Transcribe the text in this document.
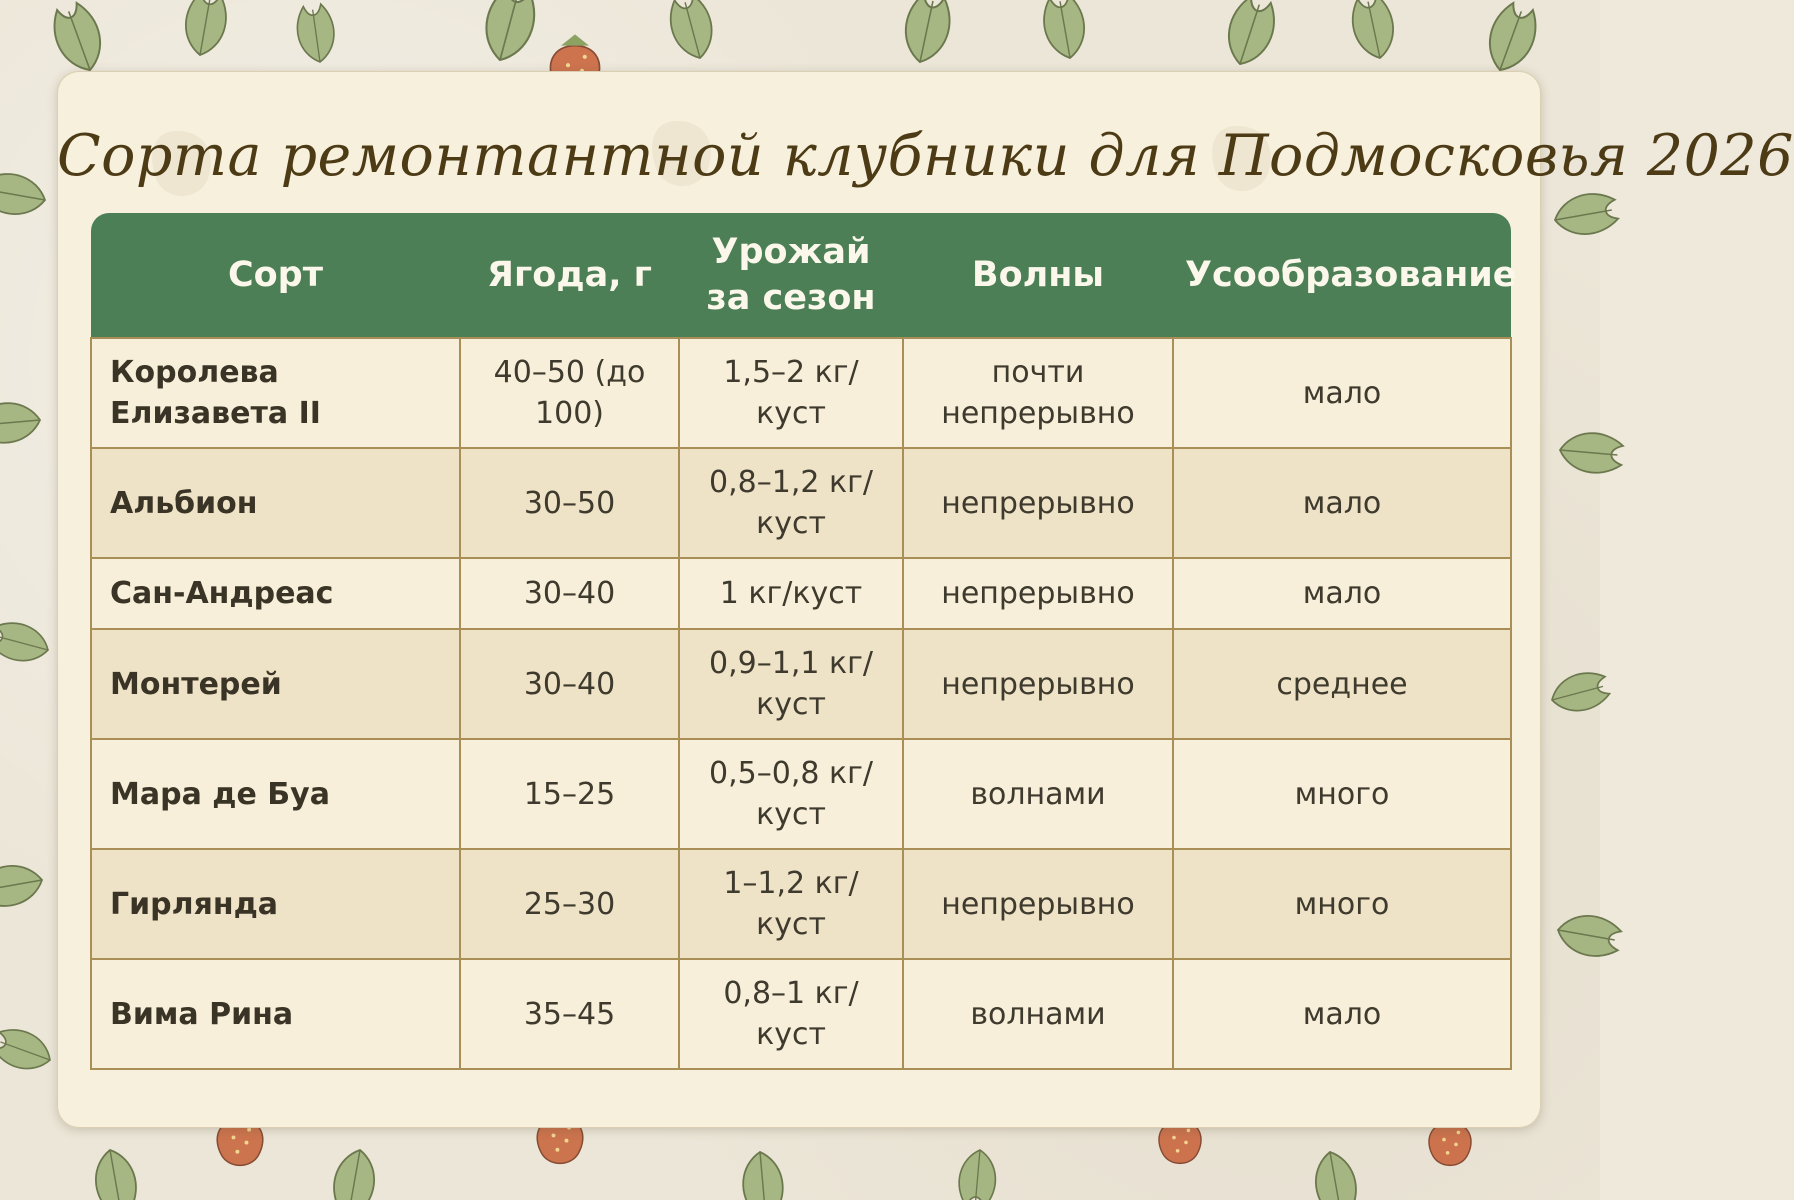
Сорта ремонтантной клубники для Подмосковья 2026
Сорт	Ягода, г	Урожай за сезон	Волны	Усообразование
Королева Елизавета II	40–50 (до 100)	1,5–2 кг/куст	почти непрерывно	мало
Альбион	30–50	0,8–1,2 кг/куст	непрерывно	мало
Сан-Андреас	30–40	1 кг/куст	непрерывно	мало
Монтерей	30–40	0,9–1,1 кг/куст	непрерывно	среднее
Мара де Буа	15–25	0,5–0,8 кг/куст	волнами	много
Гирлянда	25–30	1–1,2 кг/куст	непрерывно	много
Вима Рина	35–45	0,8–1 кг/куст	волнами	мало
